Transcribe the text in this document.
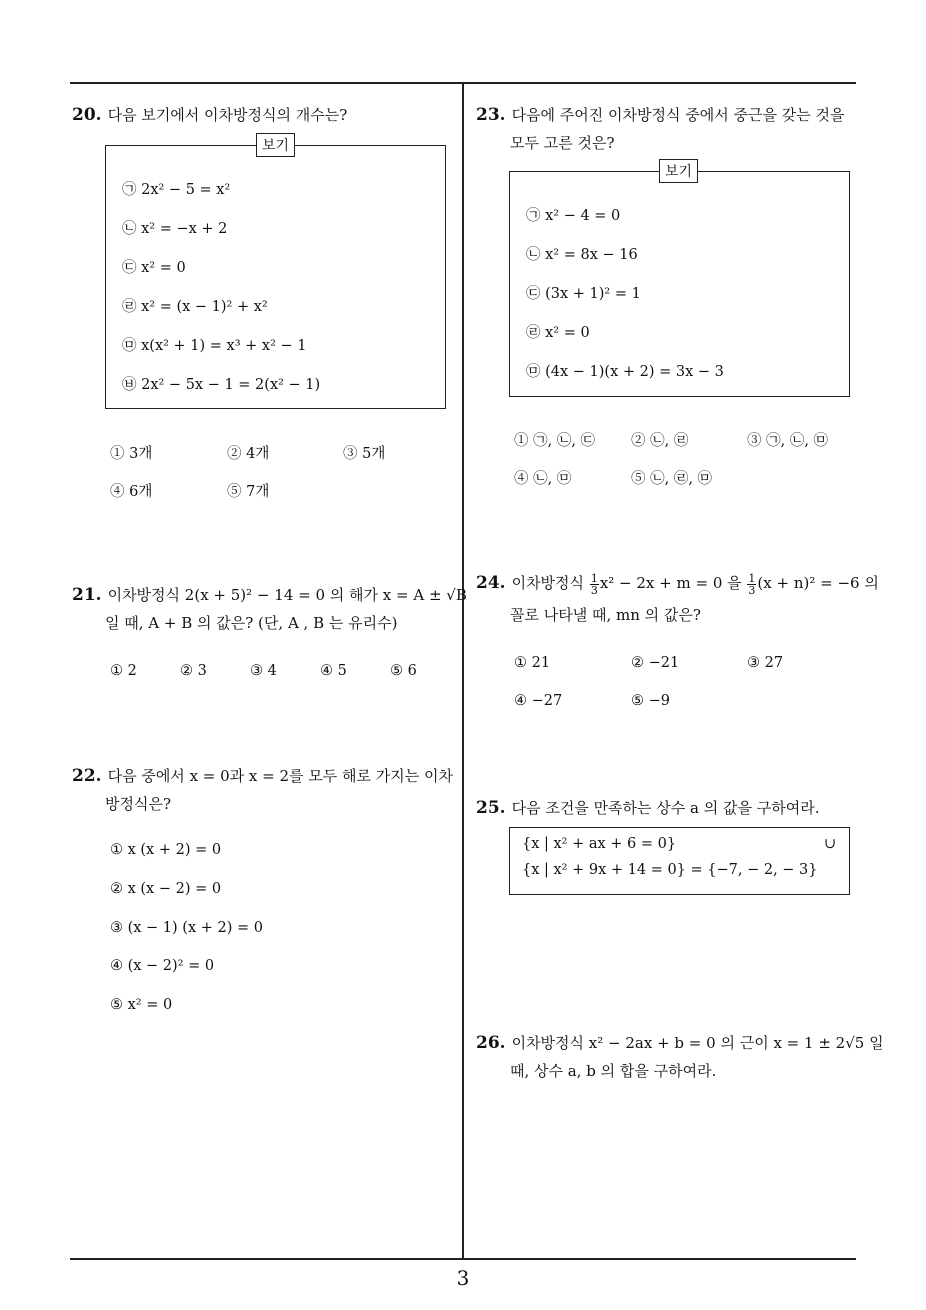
3
20. 다음 보기에서 이차방정식의 개수는?
보기
㉠ 2x² − 5 = x²
㉡ x² = −x + 2
㉢ x² = 0
㉣ x² = (x − 1)² + x²
㉤ x(x² + 1) = x³ + x² − 1
㉥ 2x² − 5x − 1 = 2(x² − 1)
① 3개	② 4개	③ 5개
④ 6개	⑤ 7개
21. 이차방정식 2(x + 5)² − 14 = 0 의 해가 x = A ± √B
일 때, A + B 의 값은? (단, A , B 는 유리수)
① 2	② 3	③ 4	④ 5	⑤ 6
22. 다음 중에서 x = 0과 x = 2를 모두 해로 가지는 이차
방정식은?
① x (x + 2) = 0
② x (x − 2) = 0
③ (x − 1) (x + 2) = 0
④ (x − 2)² = 0
⑤ x² = 0
23. 다음에 주어진 이차방정식 중에서 중근을 갖는 것을
모두 고른 것은?
보기
㉠ x² − 4 = 0
㉡ x² = 8x − 16
㉢ (3x + 1)² = 1
㉣ x² = 0
㉤ (4x − 1)(x + 2) = 3x − 3
① ㉠, ㉡, ㉢ ② ㉡, ㉣	③ ㉠, ㉡, ㉤
④ ㉡, ㉤	⑤ ㉡, ㉣, ㉤
24. 이차방정식 $\frac{1}{3} x^2 - 2x + m = 0$ 을 $\frac{1}{3} (x + n)^2 = -6$ 의
꼴로 나타낼 때, mn 의 값은?
① 21	② −21	③ 27
④ −27	⑤ −9
25. 다음 조건을 만족하는 상수 a 의 값을 구하여라.
{x | x² + ax + 6 = 0}	∪
{x | x² + 9x + 14 = 0} = {−7, − 2, − 3}
26. 이차방정식 x² − 2ax + b = 0 의 근이 x = 1 ± 2√5 일
때, 상수 a, b 의 합을 구하여라.
